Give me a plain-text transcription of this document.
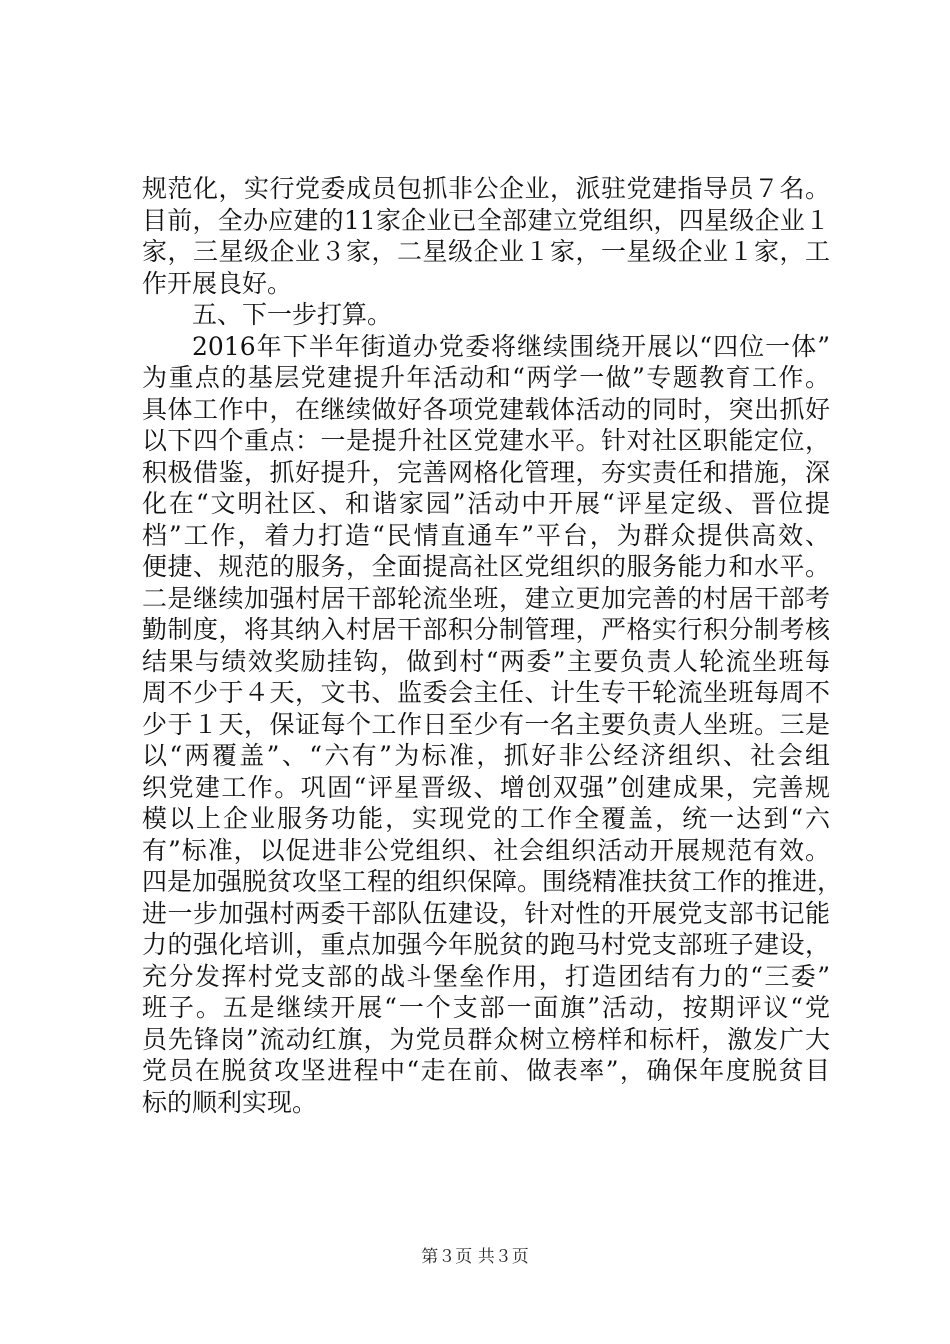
规范化，实行党委成员包抓非公企业，派驻党建指导员７名。
目前，全办应建的11家企业已全部建立党组织，四星级企业１
家，三星级企业３家，二星级企业１家，一星级企业１家，工
作开展良好。
五、下一步打算。
2016年下半年街道办党委将继续围绕开展以“四位一体”
为重点的基层党建提升年活动和“两学一做”专题教育工作。
具体工作中，在继续做好各项党建载体活动的同时，突出抓好
以下四个重点：一是提升社区党建水平。针对社区职能定位，
积极借鉴，抓好提升，完善网格化管理，夯实责任和措施，深
化在“文明社区、和谐家园”活动中开展“评星定级、晋位提
档”工作，着力打造“民情直通车”平台，为群众提供高效、
便捷、规范的服务，全面提高社区党组织的服务能力和水平。
二是继续加强村居干部轮流坐班，建立更加完善的村居干部考
勤制度，将其纳入村居干部积分制管理，严格实行积分制考核
结果与绩效奖励挂钩，做到村“两委”主要负责人轮流坐班每
周不少于４天，文书、监委会主任、计生专干轮流坐班每周不
少于１天，保证每个工作日至少有一名主要负责人坐班。三是
以“两覆盖”、“六有”为标准，抓好非公经济组织、社会组
织党建工作。巩固“评星晋级、增创双强”创建成果，完善规
模以上企业服务功能，实现党的工作全覆盖，统一达到“六
有”标准，以促进非公党组织、社会组织活动开展规范有效。
四是加强脱贫攻坚工程的组织保障。围绕精准扶贫工作的推进，
进一步加强村两委干部队伍建设，针对性的开展党支部书记能
力的强化培训，重点加强今年脱贫的跑马村党支部班子建设，
充分发挥村党支部的战斗堡垒作用，打造团结有力的“三委”
班子。五是继续开展“一个支部一面旗”活动，按期评议“党
员先锋岗”流动红旗，为党员群众树立榜样和标杆，激发广大
党员在脱贫攻坚进程中“走在前、做表率”，确保年度脱贫目
标的顺利实现。
第３页 共３页
